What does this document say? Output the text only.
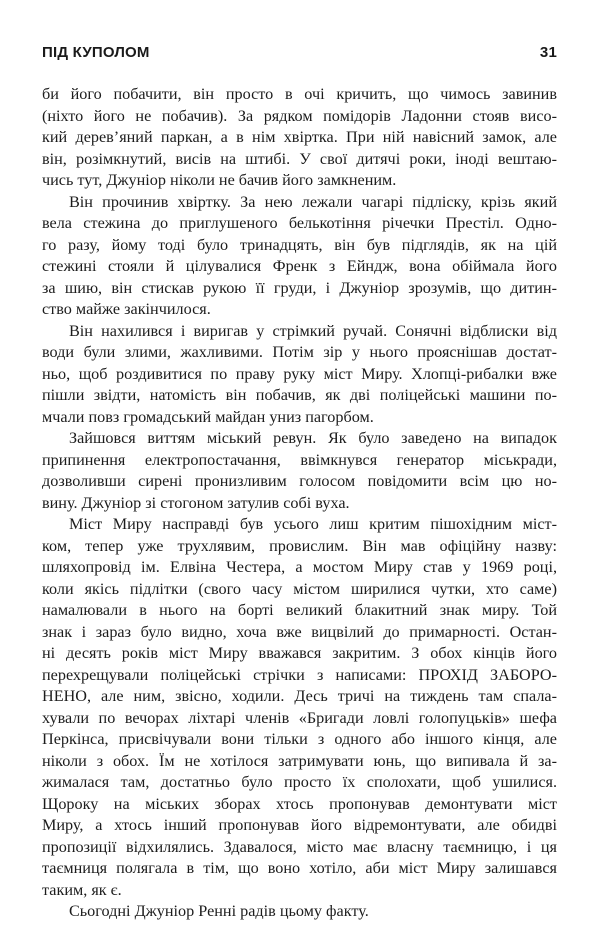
ПІД КУПОЛОМ	31
би його побачити, він просто в очі кричить, що чимось завинив
(ніхто його не побачив). За рядком помідорів Ладонни стояв висо-
кий дерев’яний паркан, а в нім хвіртка. При ній навісний замок, але
він, розімкнутий, висів на штибі. У свої дитячі роки, іноді вештаю-
чись тут, Джуніор ніколи не бачив його замкненим.
Він прочинив хвіртку. За нею лежали чагарі підліску, крізь який
вела стежина до приглушеного белькотіння річечки Престіл. Одно-
го разу, йому тоді було тринадцять, він був підглядів, як на цій
стежині стояли й цілувалися Френк з Ейндж, вона обіймала його
за шию, він стискав рукою її груди, і Джуніор зрозумів, що дитин-
ство майже закінчилося.
Він нахилився і виригав у стрімкий ручай. Сонячні відблиски від
води були злими, жахливими. Потім зір у нього прояснішав достат-
ньо, щоб роздивитися по праву руку міст Миру. Хлопці-рибалки вже
пішли звідти, натомість він побачив, як дві поліцейські машини по-
мчали повз громадський майдан униз пагорбом.
Зайшовся виттям міський ревун. Як було заведено на випадок
припинення електропостачання, ввімкнувся генератор міськради,
дозволивши сирені пронизливим голосом повідомити всім цю но-
вину. Джуніор зі стогоном затулив собі вуха.
Міст Миру насправді був усього лиш критим пішохідним міст-
ком, тепер уже трухлявим, провислим. Він мав офіційну назву:
шляхопровід ім. Елвіна Честера, а мостом Миру став у 1969 році,
коли якісь підлітки (свого часу містом ширилися чутки, хто саме)
намалювали в нього на борті великий блакитний знак миру. Той
знак і зараз було видно, хоча вже вицвілий до примарності. Остан-
ні десять років міст Миру вважався закритим. З обох кінців його
перехрещували поліцейські стрічки з написами: ПРОХІД ЗАБОРО-
НЕНО, але ним, звісно, ходили. Десь тричі на тиждень там спала-
хували по вечорах ліхтарі членів «Бригади ловлі голопуцьків» шефа
Перкінса, присвічували вони тільки з одного або іншого кінця, але
ніколи з обох. Їм не хотілося затримувати юнь, що випивала й за-
жималася там, достатньо було просто їх сполохати, щоб ушилися.
Щороку на міських зборах хтось пропонував демонтувати міст
Миру, а хтось інший пропонував його відремонтувати, але обидві
пропозиції відхилялись. Здавалося, місто має власну таємницю, і ця
таємниця полягала в тім, що воно хотіло, аби міст Миру залишався
таким, як є.
Сьогодні Джуніор Ренні радів цьому факту.
